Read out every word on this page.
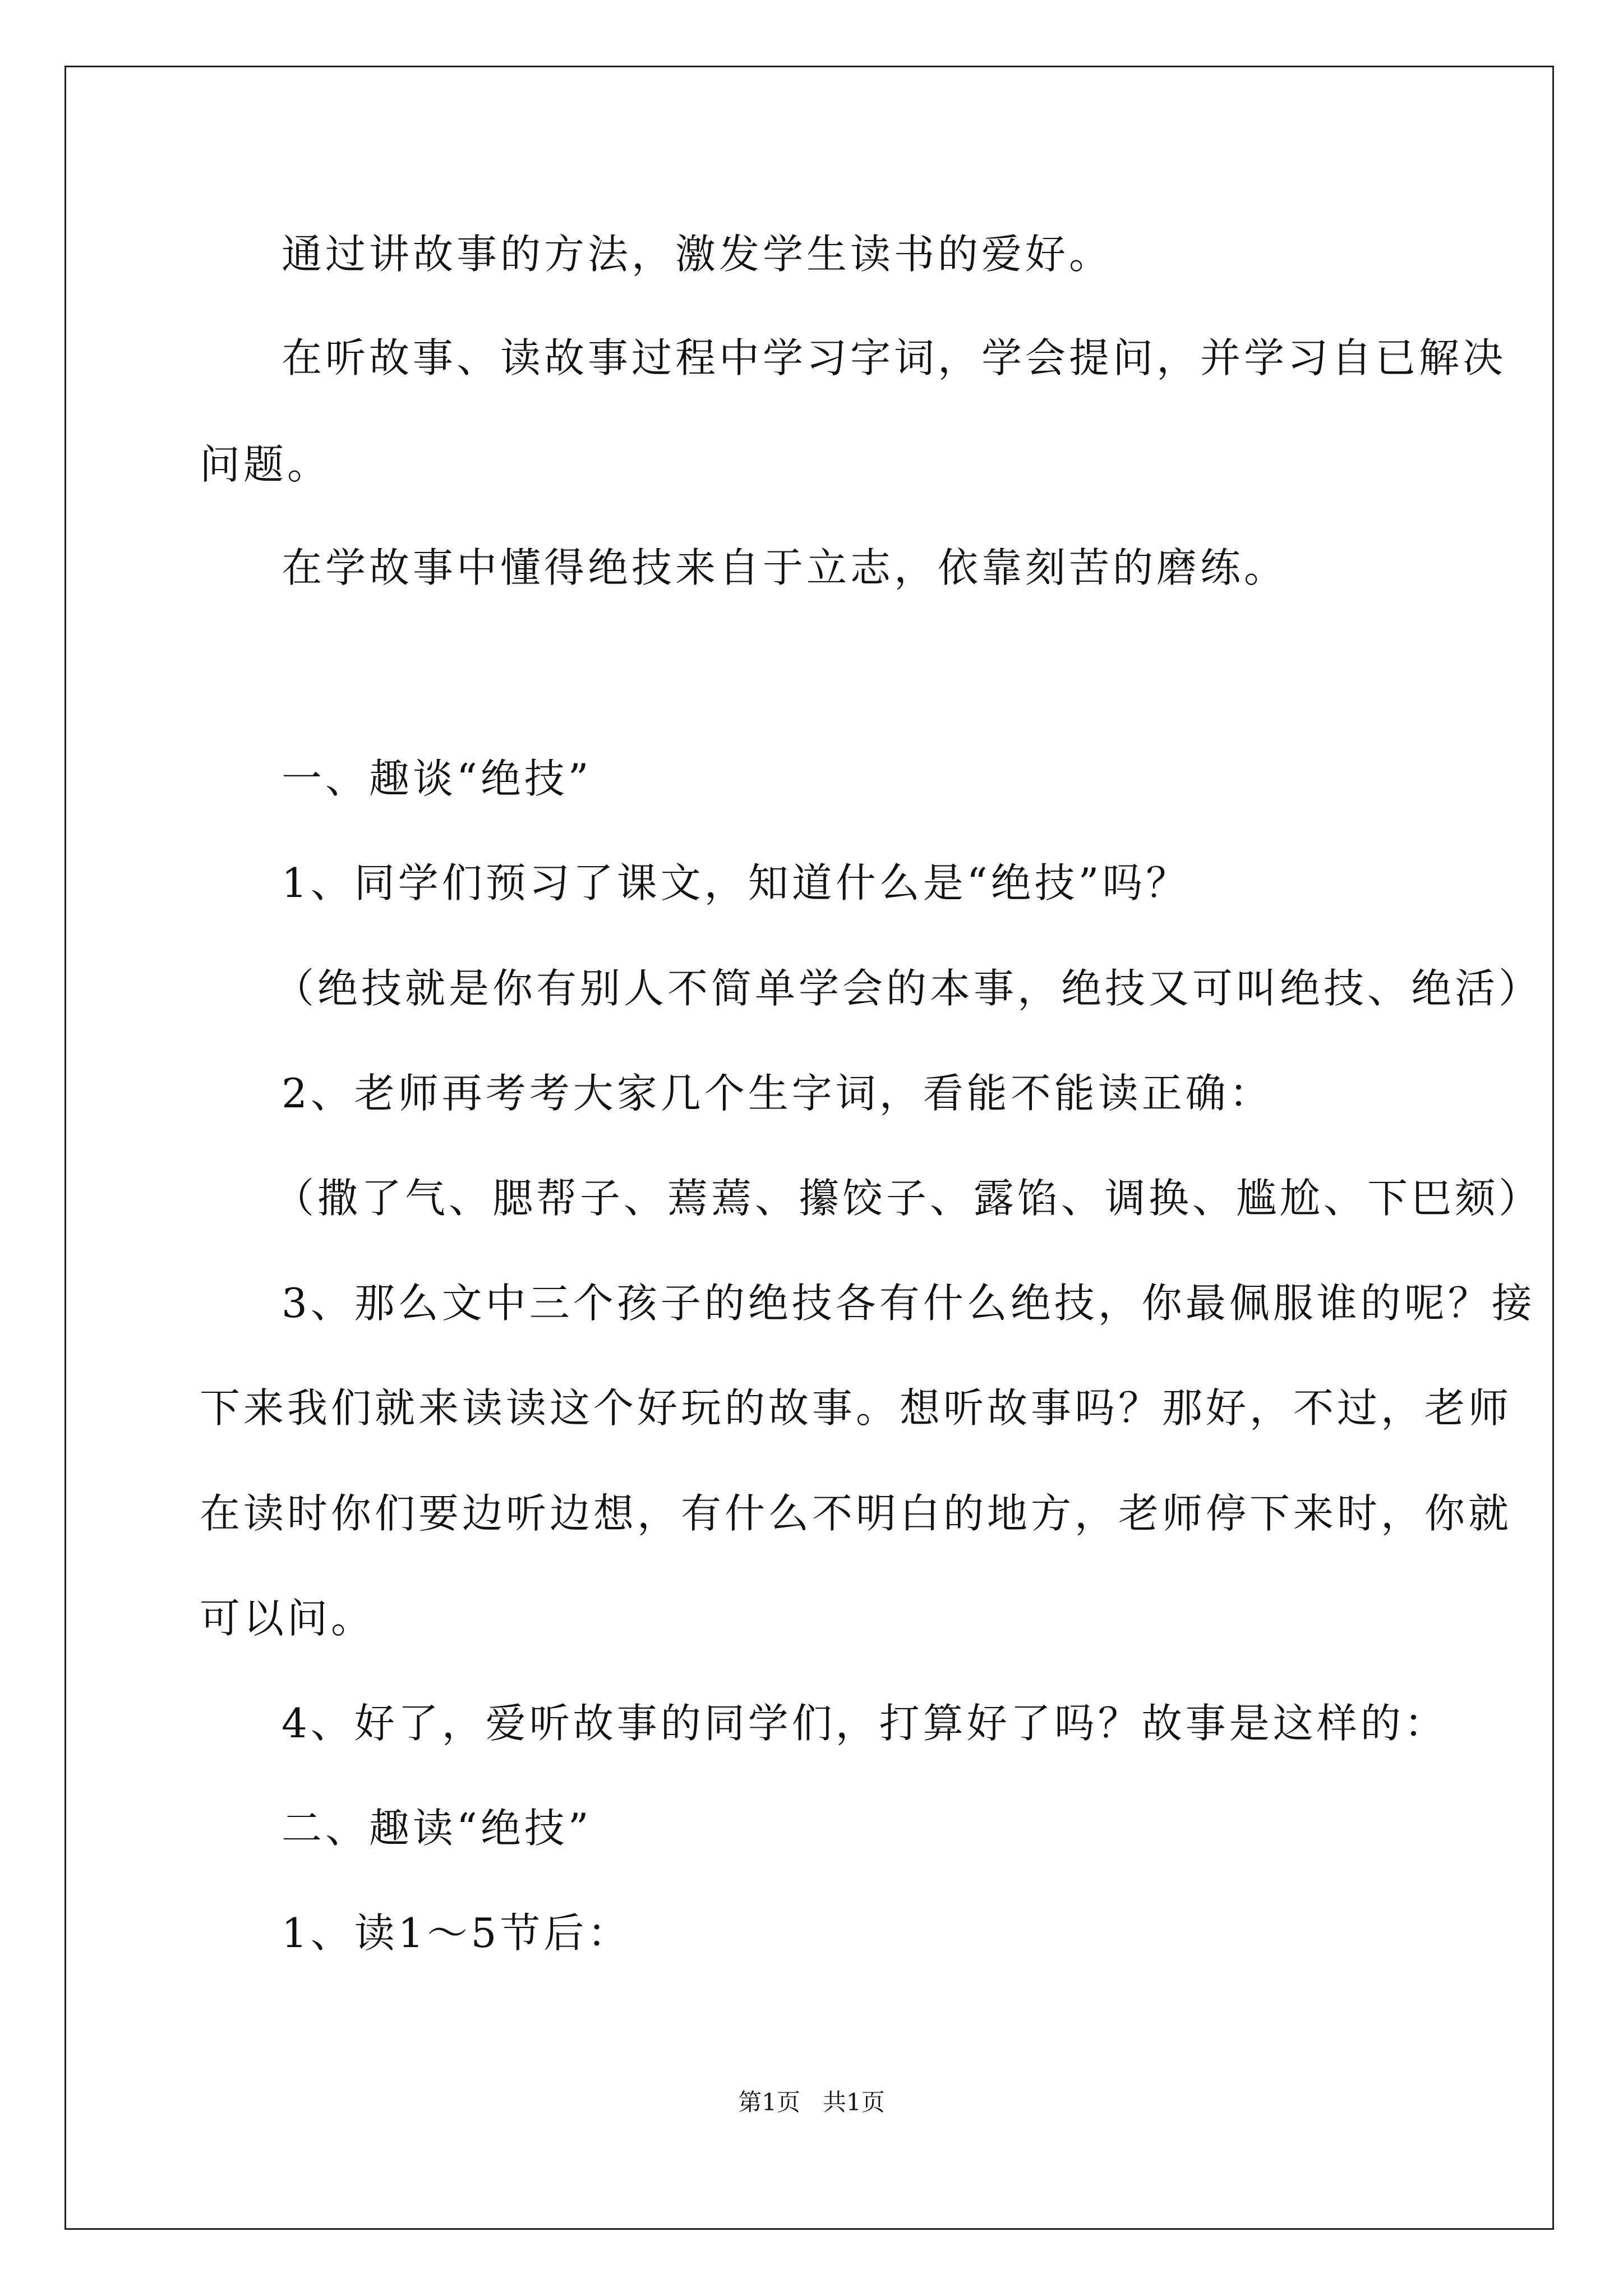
通过讲故事的方法，激发学生读书的爱好。
在听故事、读故事过程中学习字词，学会提问，并学习自已解决
问题。
在学故事中懂得绝技来自于立志，依靠刻苦的磨练。
一、趣谈“绝技”
1、同学们预习了课文，知道什么是“绝技”吗？
（绝技就是你有别人不简单学会的本事，绝技又可叫绝技、绝活）
2、老师再考考大家几个生字词，看能不能读正确：
（撒了气、腮帮子、蔫蔫、攥饺子、露馅、调换、尴尬、下巴颏）
3、那么文中三个孩子的绝技各有什么绝技，你最佩服谁的呢？接
下来我们就来读读这个好玩的故事。想听故事吗？那好，不过，老师
在读时你们要边听边想，有什么不明白的地方，老师停下来时，你就
可以问。
4、好了，爱听故事的同学们，打算好了吗？故事是这样的：
二、趣读“绝技”
1、读1～5节后：
第1页   共1页
